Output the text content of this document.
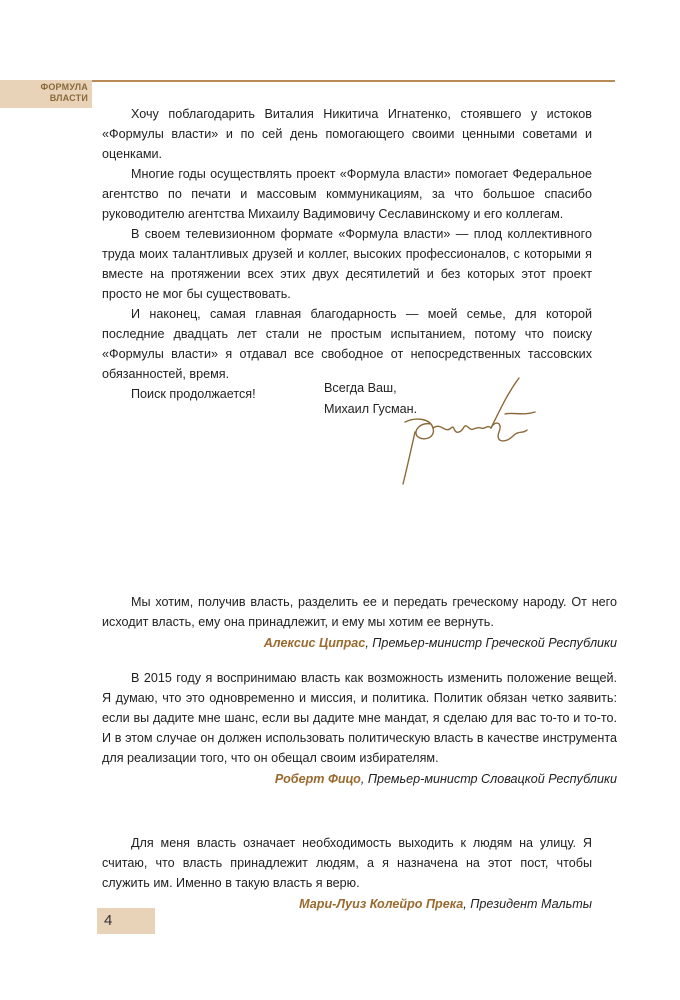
ФОРМУЛА
ВЛАСТИ

Хочу поблагодарить Виталия Никитича Игнатенко, стоявшего у истоков «Формулы власти» и по сей день помогающего своими ценными советами и оценками.

Многие годы осуществлять проект «Формула власти» помогает Федеральное агентство по печати и массовым коммуникациям, за что большое спасибо руководителю агентства Михаилу Вадимовичу Сеславинскому и его коллегам.

В своем телевизионном формате «Формула власти» — плод коллективного труда моих талантливых друзей и коллег, высоких профессионалов, с которыми я вместе на протяжении всех этих двух десятилетий и без которых этот проект просто не мог бы существовать.

И наконец, самая главная благодарность — моей семье, для которой последние двадцать лет стали не простым испытанием, потому что поиску «Формулы власти» я отдавал все свободное от непосредственных тассовских обязанностей, время.

Поиск продолжается!	Всегда Ваш,
Михаил Гусман.

Мы хотим, получив власть, разделить ее и передать греческому народу. От него исходит власть, ему она принадлежит, и ему мы хотим ее вернуть.

Алексис Ципрас, Премьер-министр Греческой Республики

В 2015 году я воспринимаю власть как возможность изменить положение вещей. Я думаю, что это одновременно и миссия, и политика. Политик обязан четко заявить: если вы дадите мне шанс, если вы дадите мне мандат, я сделаю для вас то-то и то-то. И в этом случае он должен использовать политическую власть в качестве инструмента для реализации того, что он обещал своим избирателям.

Роберт Фицо, Премьер-министр Словацкой Республики

Для меня власть означает необходимость выходить к людям на улицу. Я считаю, что власть принадлежит людям, а я назначена на этот пост, чтобы служить им. Именно в такую власть я верю.

Мари-Луиз Колейро Прека, Президент Мальты
4
